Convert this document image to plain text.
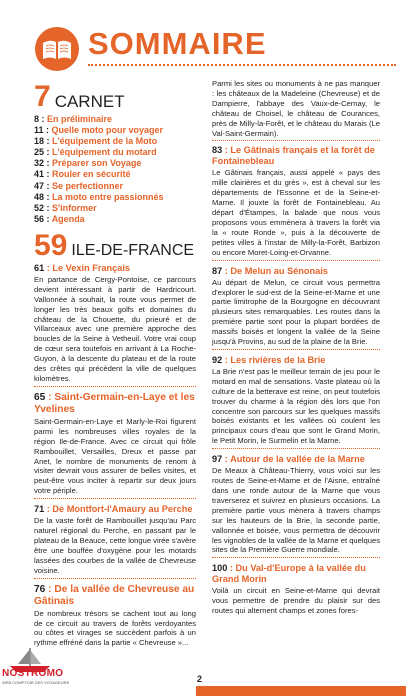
SOMMAIRE
7 CARNET
8 : En préliminaire
11 : Quelle moto pour voyager
18 : L'équipement de la Moto
25 : L'équipement du motard
32 : Préparer son Voyage
41 : Rouler en sécurité
47 : Se perfectionner
48 : La moto entre passionnés
52 : S'informer
56 : Agenda
59 ILE-DE-FRANCE
61 : Le Vexin Français

En partance de Cergy-Pontoise, ce parcours devient intéressant à partir de Hardricourt. Vallonnée à souhait, la route vous permet de longer les très beaux golfs et domaines du château de la Chouette, du prieuré et de Villarceaux avec une première approche des boucles de la Seine à Vetheuil. Votre vrai coup de cœur sera toutefois en arrivant à La Roche-Guyon, à la descente du plateau et de la route des crêtes qui précèdent la ville de quelques kilomètres.

65 : Saint-Germain-en-Laye et les Yvelines

Saint-Germain-en-Laye et Marly-le-Roi figurent parmi les nombreuses villes royales de la région Ile-de-France. Avec ce circuit qui frôle Rambouillet, Versailles, Dreux et passe par Anet, le nombre de monuments de renom à visiter devrait vous assurer de belles visites, et peut-être vous inciter à repartir sur deux jours votre périple.

71 : De Montfort-l'Amaury au Perche

De la vaste forêt de Rambouillet jusqu'au Parc naturel régional du Perche, en passant par le plateau de la Beauce, cette longue virée s'avère être une bouffée d'oxygène pour les motards lassées des courbes de la vallée de Chevreuse voisine.

76 : De la vallée de Chevreuse au Gâtinais

De nombreux trésors se cachent tout au long de ce circuit au travers de forêts verdoyantes ou côtes et virages se succèdent parfois à un rythme effréné dans la partie « Chevreuse »...

Parmi les sites ou monuments à ne pas manquer : les châteaux de la Madeleine (Chevreuse) et de Dampierre, l'abbaye des Vaux-de-Cernay, le château de Choisel, le château de Courances, près de Milly-la-Forêt, et le château du Marais (Le Val-Saint-Germain).

83 : Le Gâtinais français et la forêt de Fontainebleau

Le Gâtinais français, aussi appelé « pays des mille clairières et du grès », est à cheval sur les départements de l'Essonne et de la Seine-et-Marne. Il jouxte la forêt de Fontainebleau. Au départ d'Étampes, la balade que nous vous proposons vous emmènera à travers la forêt via la « route Ronde », puis à la découverte de petites villes à l'instar de Milly-la-Forêt, Barbizon ou encore Moret-Loing-et-Orvanne.

87 : De Melun au Sénonais

Au départ de Melun, ce circuit vous permettra d'explorer le sud-est de la Seine-et-Marne et une partie limitrophe de la Bourgogne en découvrant plusieurs sites remarquables. Les routes dans la première partie sont pour la plupart bordées de massifs boisés et longent la vallée de la Seine jusqu'à Provins, au sud de la plaine de la Brie.

92 : Les rivières de la Brie

La Brie n'est pas le meilleur terrain de jeu pour le motard en mal de sensations. Vaste plateau où la culture de la betterave est reine, on peut toutefois trouver du charme à la région dès lors que l'on concentre son parcours sur les quelques massifs boisés existants et les vallées où coulent les principaux cours d'eau que sont le Grand Morin, le Petit Morin, le Surmelin et la Marne.

97 : Autour de la vallée de la Marne

De Meaux à Château-Thierry, vous voici sur les routes de Seine-et-Marne et de l'Aisne, entraîné dans une ronde autour de la Marne que vous traverserez et suivrez en plusieurs occasions. La première partie vous mènera à travers champs sur les hauteurs de la Brie, la seconde partie, vallonnée et boisée, vous permettra de découvrir les vignobles de la vallée de la Marne et quelques sites de la Première Guerre mondiale.

100 : Du Val-d'Europe à la vallée du Grand Morin

Voilà un circuit en Seine-et-Marne qui devrait vous permettre de prendre du plaisir sur des routes qui alternent champs et zones fores-

NOSTROMO
WEB COMPTOIR DES VOYAGEURS	2
